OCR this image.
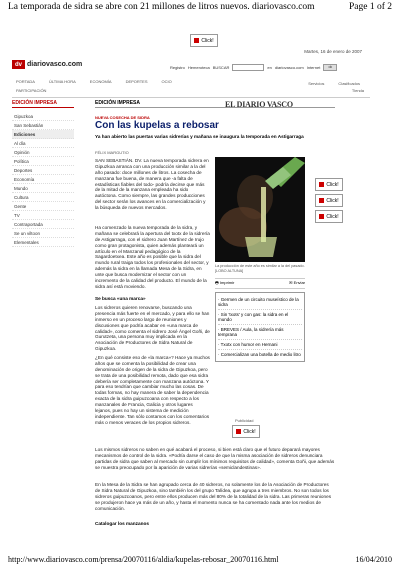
La temporada de sidra se abre con 21 millones de litros nuevos. diariovasco.com	Page 1 of 2
Click!
Martes, 16 de enero de 2007
dv diariovasco.com	Registro Hemeroteca BUSCAR	en diariovasco.com Internet	ok
PORTADA	ÚLTIMA HORA	ECONOMÍA	DEPORTES	OCIO
PARTICIPACIÓN
Servicios	Clasificados
Tienda
EDICIÓN IMPRESA
Gipuzkoa
San Sebastián
Ediciones
Al día
Opinión
Política
Deportes
Economía
Mundo
Cultura
Gente
TV
Contraportada
Se un viltoon
Elementales
EDICIÓN IMPRESA	EL DIARIO VASCO
NUEVA COSECHA DE SIDRA
Con las kupelas a rebosar
Ya han abierto las puertas varias sidrerías y mañana se inaugura la temporada en Astigarraga
FÉLIX MARGUTIO

SAN SEBASTIÁN. DV. La nueva temporada sidrera en Gipuzkoa arranca con una producción similar a la del año pasado: doce millones de litros. La cosecha de manzana fue buena, de manera que -a falta de estadísticas fiables del todo- podría decirse que más de la mitad de la manzana empleada ha sido autóctona. Como siempre, las grandes producciones del sector serán los avances en la comercialización y la búsqueda de nuevos mercados.

Ha comenzado la nueva temporada de la sidra, y mañana se celebrará la apertura del txotx de la sidrería de Astigarraga, con el sidrero Juan Martínez de Irujo como gran protagonista, quien además planteará un artículo en el Manzanal pedagógico de la Sagardoetxea. Este año es posible que la sidra del mundo rural traiga todos los profesionales del sector, y además la sidra en la llamada Mesa de la Sidra, en unte que busca modernizar el sector con un incremento de la calidad del producto. El mundo de la sidra así está moviendo.

Se busca «una marca»

Los sidreros quieren renovarse, buscando una presencia más fuerte en el mercado, y para ello se han inmerso en un proceso largo de reuniones y discusiones que podría acabar en «una marca de calidad», como comenta el sidrero José Ángel Goñi, de Gurutzeta, una persona muy implicada en la Asociación de Productores de Sidra Natural de Gipuzkoa.

¿En qué consiste eso de «la marca»? Hace ya muchos años que se comenta la posibilidad de crear una denominación de origen de la sidra de Gipuzkoa, pero se trata de una posibilidad remota, dado que esa sidra debería ser completamente con manzana autóctona. Y para eso tendrían que cambiar mucho las cosas. De todas formas, no hay manera de saber la dependencia exacta de la sidra guipuzcoana con respecto a los manzanales de Francia, Galicia y otros lugares lejanos, pues no hay un sistema de medición independiente. Tan sólo contamos con los comentarios más o menos veraces de los propios sidreros.

Los mismos sidreros no saben en qué acabará el proceso, si bien está claro que el futuro deparará mayores mecanismos de control de la sidra. «Podría darse el caso de que la misma asociación de sidreros denunciara partidas de sidra que saben al mercado sin cumplir los mínimos requisitos de calidad», comenta Goñi, que además se muestra preocupado por la aparición de varias sidrerías «semiclandestinas».

En la Mesa de la Sidra se han agrupado cerca de 40 sidreros, no solamente los de la Asociación de Productores de Sidra Natural de Gipuzkoa, sino también los del grupo Talídea, que agrupa a tres miembros. No son todos los sidreros guipuzcoanos, pero entre ellos producen más del 80% de la totalidad de la sidra. Las primeras reuniones se produjeron hace ya más de un año, y hasta el momento nunca se ha comentado nada ante los medios de comunicación.

Catalogar los manzanos
La producción de este año es similar a la del pasado. [LOBO ALTUNA]
🖶 Imprimir	✉ Enviar
· Germen de un circuito museístico de la sidra
· Sin 'txots' y con gas: la sidra en el mundo
· BREVES / Aula, la sidrería más temprana
· Txotx con humor en Hernani
· Comercializan una botella de medio litro
Publicidad
Click!
Click!
Click!
Click!
http://www.diariovasco.com/prensa/20070116/aldia/kupelas-rebosar_20070116.html	16/04/2010
